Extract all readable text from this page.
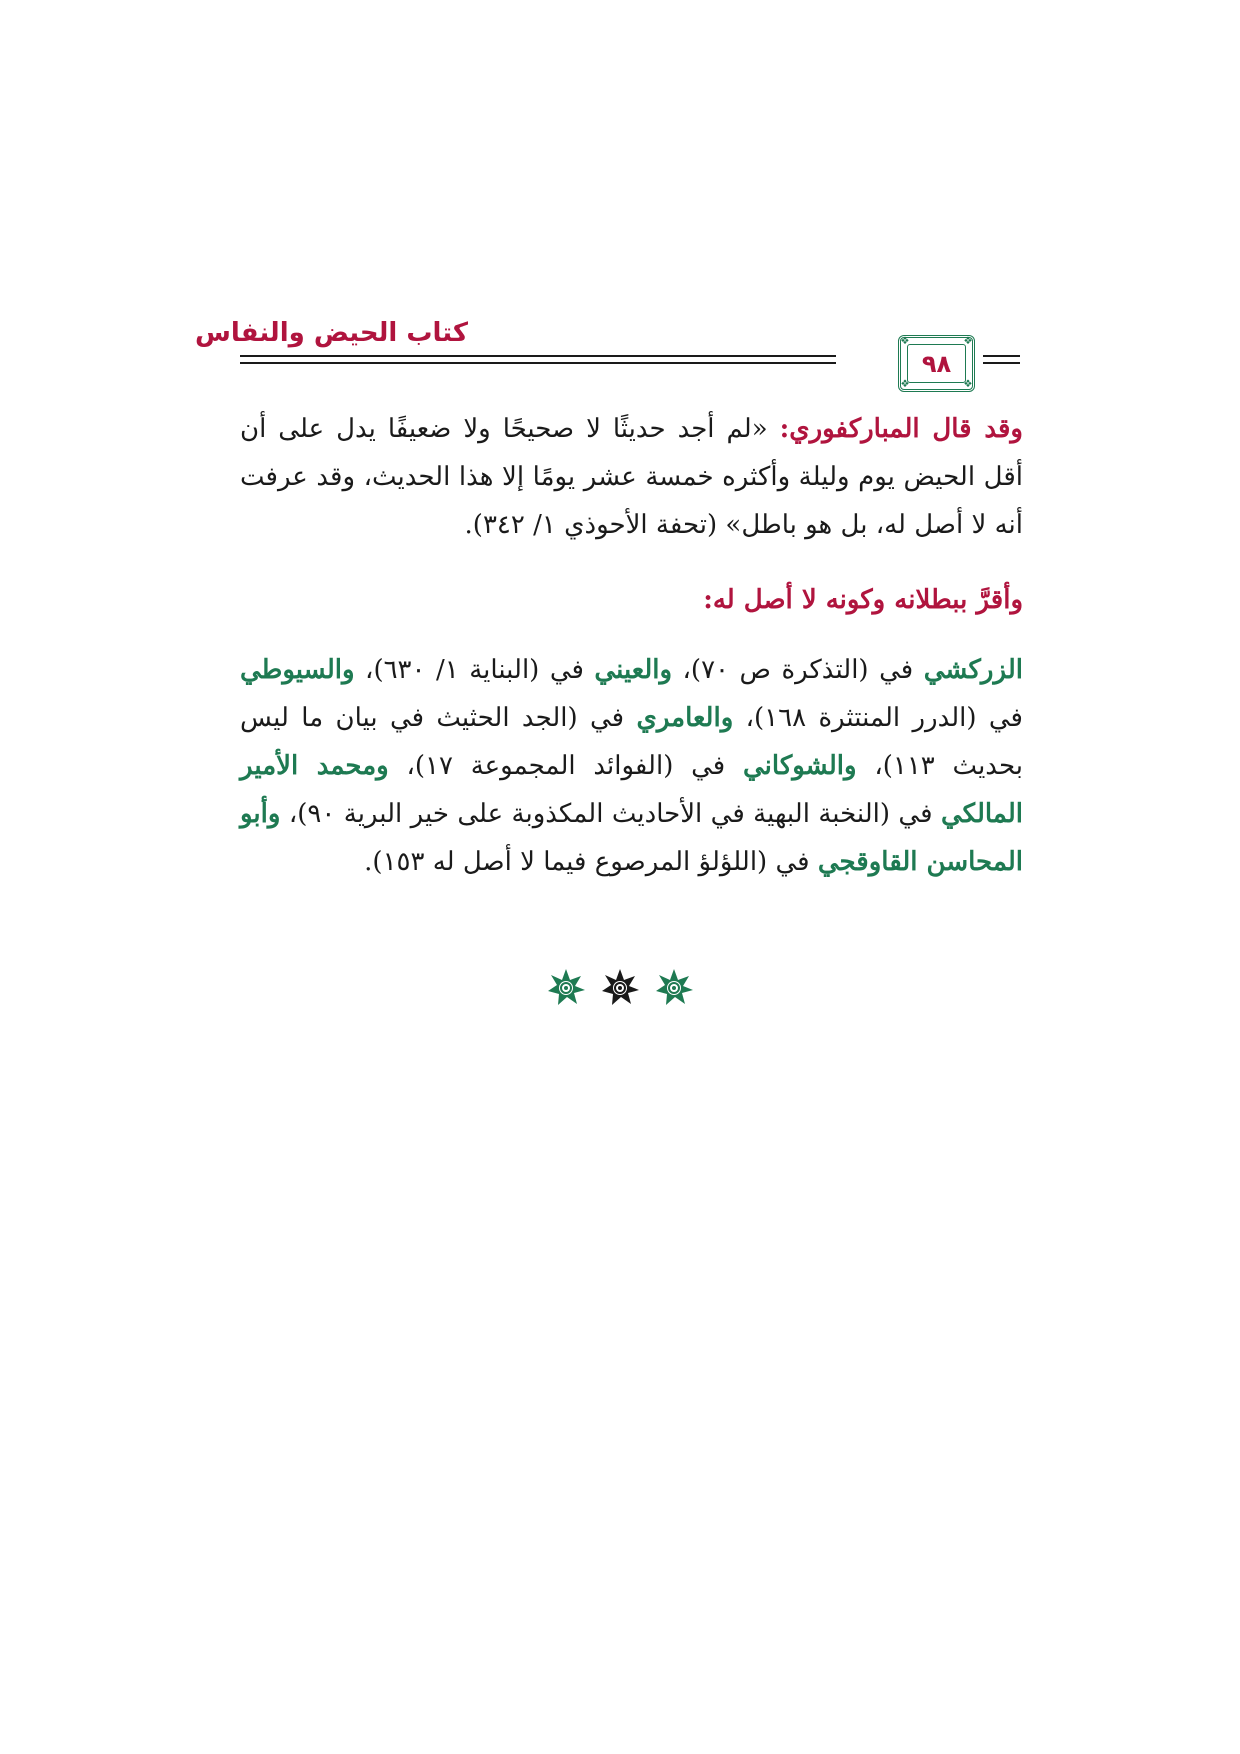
كتاب الحيض والنفاس	❖	❖
❖	❖
٩٨

وقد قال المباركفوري: «لم أجد حديثًا لا صحيحًا ولا ضعيفًا يدل على أن أقل الحيض يوم وليلة وأكثره خمسة عشر يومًا إلا هذا الحديث، وقد عرفت أنه لا أصل له، بل هو باطل» (تحفة الأحوذي ١/ ٣٤٢).

وأقرَّ ببطلانه وكونه لا أصل له:

الزركشي في (التذكرة ص ٧٠)، والعيني في (البناية ١/ ٦٣٠)، والسيوطي في (الدرر المنتثرة ١٦٨)، والعامري في (الجد الحثيث في بيان ما ليس بحديث ١١٣)، والشوكاني في (الفوائد المجموعة ١٧)، ومحمد الأمير المالكي في (النخبة البهية في الأحاديث المكذوبة على خير البرية ٩٠)، وأبو المحاسن القاوقجي في (اللؤلؤ المرصوع فيما لا أصل له ١٥٣).
